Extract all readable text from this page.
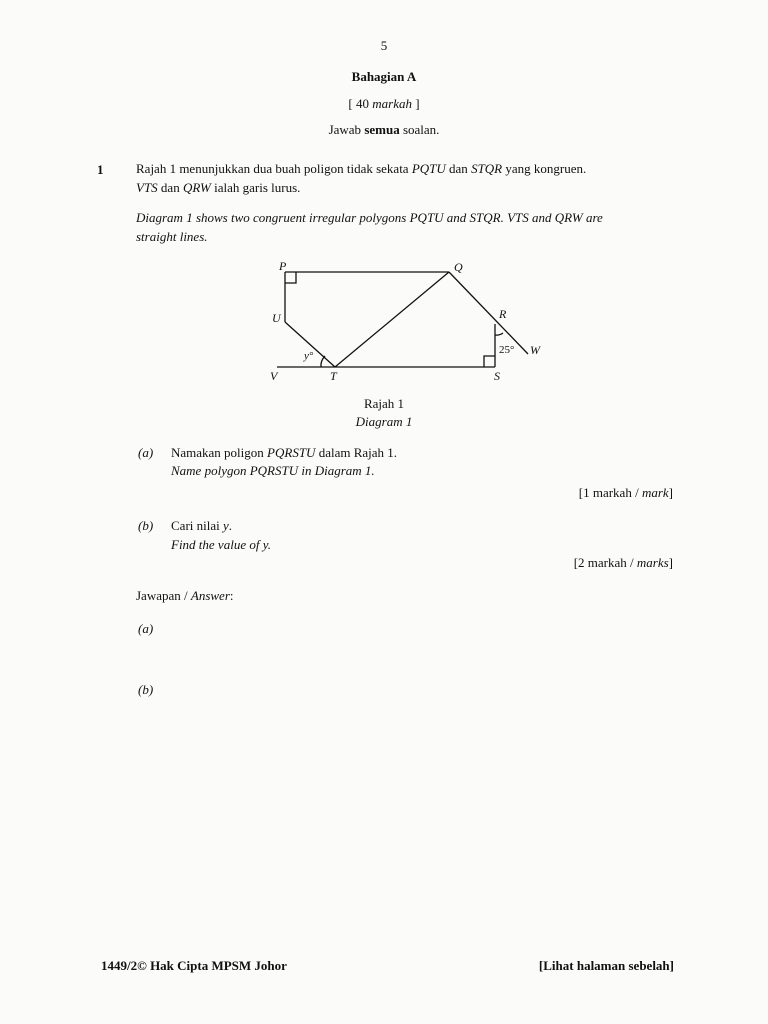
5
Bahagian A
[ 40 markah ]
Jawab semua soalan.
1	Rajah 1 menunjukkan dua buah poligon tidak sekata PQTU dan STQR yang kongruen.
VTS dan QRW ialah garis lurus.
Diagram 1 shows two congruent irregular polygons PQTU and STQR. VTS and QRW are
straight lines.
P	Q
U	R
W
V	T	S
y°	25°
Rajah 1
Diagram 1
(a) Namakan poligon PQRSTU dalam Rajah 1.
Name polygon PQRSTU in Diagram 1.
[1 markah / mark]
(b) Cari nilai y.
Find the value of y.
[2 markah / marks]
Jawapan / Answer:
(a)
(b)
1449/2© Hak Cipta MPSM Johor	[Lihat halaman sebelah]
